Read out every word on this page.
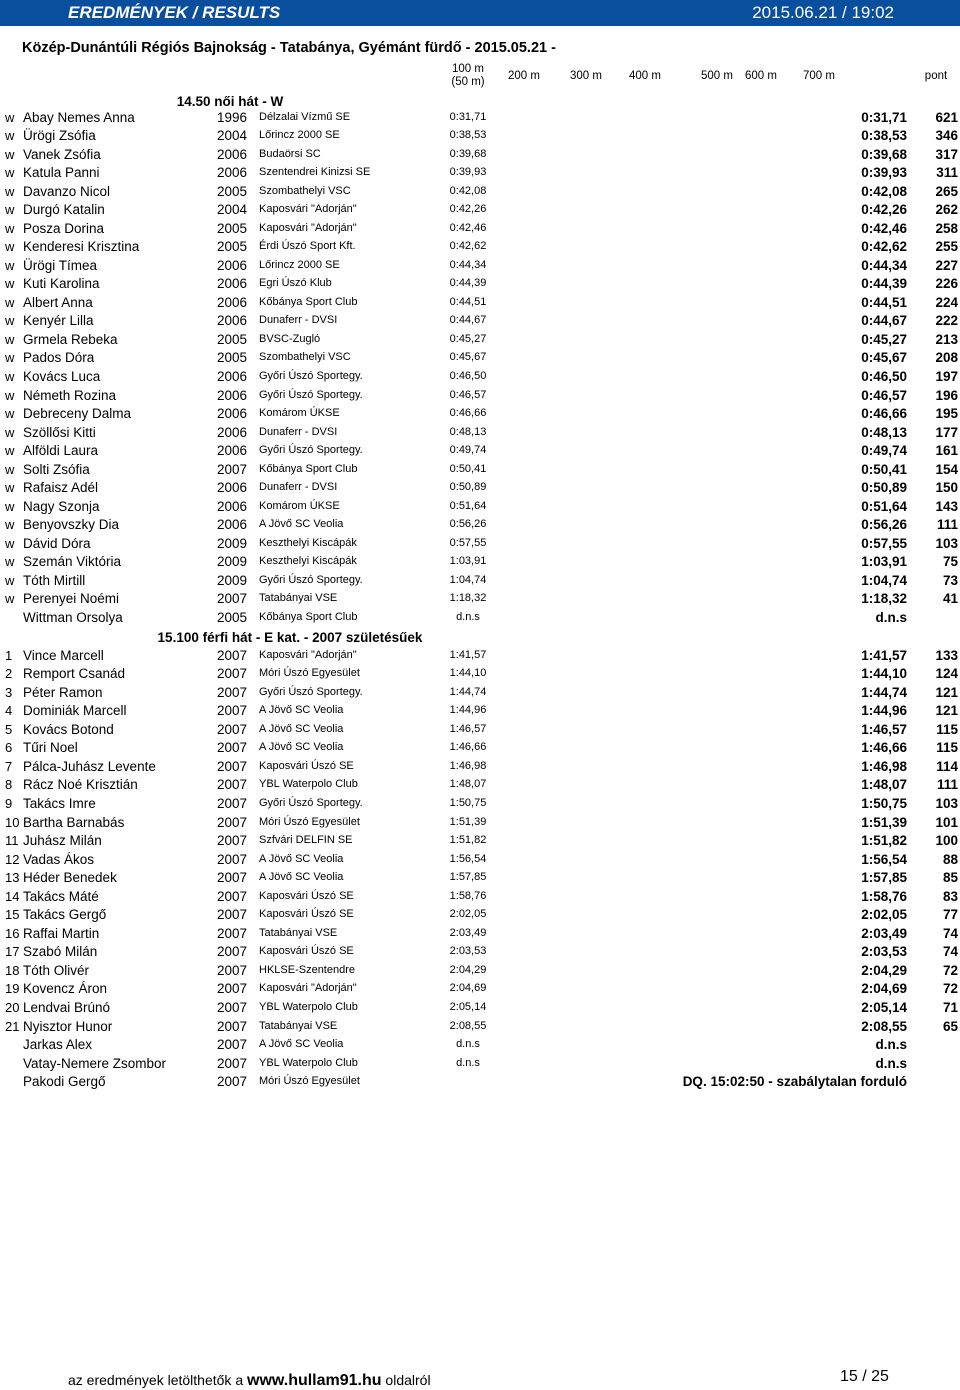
EREDMÉNYEK / RESULTS	2015.06.21 / 19:02
Közép-Dunántúli Régiós Bajnokság - Tatabánya, Gyémánt fürdő - 2015.05.21 -
100 m
(50 m)	200 m	300 m	400 m	500 m	600 m	700 m	pont
14.50 női hát - W
w Abay Nemes Anna	1996 Délzalai Vízmű SE	0:31,71	0:31,71 621
w Ürögi Zsófia	2004 Lőrincz 2000 SE	0:38,53	0:38,53 346
w Vanek Zsófia	2006 Budaörsi SC	0:39,68	0:39,68 317
w Katula Panni	2006 Szentendrei Kinizsi SE	0:39,93	0:39,93 311
w Davanzo Nicol	2005 Szombathelyi VSC	0:42,08	0:42,08 265
w Durgó Katalin	2004 Kaposvári "Adorján"	0:42,26	0:42,26 262
w Posza Dorina	2005 Kaposvári "Adorján"	0:42,46	0:42,46 258
w Kenderesi Krisztina	2005 Érdi Úszó Sport Kft.	0:42,62	0:42,62 255
w Ürögi Tímea	2006 Lőrincz 2000 SE	0:44,34	0:44,34 227
w Kuti Karolina	2006 Egri Úszó Klub	0:44,39	0:44,39 226
w Albert Anna	2006 Kőbánya Sport Club	0:44,51	0:44,51 224
w Kenyér Lilla	2006 Dunaferr - DVSI	0:44,67	0:44,67 222
w Grmela Rebeka	2005 BVSC-Zugló	0:45,27	0:45,27 213
w Pados Dóra	2005 Szombathelyi VSC	0:45,67	0:45,67 208
w Kovács Luca	2006 Győri Úszó Sportegy.	0:46,50	0:46,50 197
w Németh Rozina	2006 Győri Úszó Sportegy.	0:46,57	0:46,57 196
w Debreceny Dalma	2006 Komárom ÚKSE	0:46,66	0:46,66 195
w Szöllősi Kitti	2006 Dunaferr - DVSI	0:48,13	0:48,13 177
w Alföldi Laura	2006 Győri Úszó Sportegy.	0:49,74	0:49,74 161
w Solti Zsófia	2007 Kőbánya Sport Club	0:50,41	0:50,41 154
w Rafaisz Adél	2006 Dunaferr - DVSI	0:50,89	0:50,89 150
w Nagy Szonja	2006 Komárom ÚKSE	0:51,64	0:51,64 143
w Benyovszky Dia	2006 A Jövő SC Veolia	0:56,26	0:56,26 111
w Dávid Dóra	2009 Keszthelyi Kiscápák	0:57,55	0:57,55 103
w Szemán Viktória	2009 Keszthelyi Kiscápák	1:03,91	1:03,91	75
w Tóth Mirtill	2009 Győri Úszó Sportegy.	1:04,74	1:04,74	73
w Perenyei Noémi	2007 Tatabányai VSE	1:18,32	1:18,32	41
Wittman Orsolya	2005 Kőbánya Sport Club	d.n.s	d.n.s
15.100 férfi hát - E kat. - 2007 születésűek
1 Vince Marcell	2007 Kaposvári "Adorján"	1:41,57	1:41,57 133
2 Remport Csanád	2007 Móri Úszó Egyesület	1:44,10	1:44,10 124
3 Péter Ramon	2007 Győri Úszó Sportegy.	1:44,74	1:44,74 121
4 Dominiák Marcell	2007 A Jövő SC Veolia	1:44,96	1:44,96 121
5 Kovács Botond	2007 A Jövő SC Veolia	1:46,57	1:46,57 115
6 Tűri Noel	2007 A Jövő SC Veolia	1:46,66	1:46,66 115
7 Pálca-Juhász Levente	2007 Kaposvári Úszó SE	1:46,98	1:46,98 114
8 Rácz Noé Krisztián	2007 YBL Waterpolo Club	1:48,07	1:48,07 111
9 Takács Imre	2007 Győri Úszó Sportegy.	1:50,75	1:50,75 103
10 Bartha Barnabás	2007 Móri Úszó Egyesület	1:51,39	1:51,39 101
11 Juhász Milán	2007 Szfvári DELFIN SE	1:51,82	1:51,82 100
12 Vadas Ákos	2007 A Jövő SC Veolia	1:56,54	1:56,54	88
13 Héder Benedek	2007 A Jövő SC Veolia	1:57,85	1:57,85	85
14 Takács Máté	2007 Kaposvári Úszó SE	1:58,76	1:58,76	83
15 Takács Gergő	2007 Kaposvári Úszó SE	2:02,05	2:02,05	77
16 Raffai Martin	2007 Tatabányai VSE	2:03,49	2:03,49	74
17 Szabó Milán	2007 Kaposvári Úszó SE	2:03,53	2:03,53	74
18 Tóth Olivér	2007 HKLSE-Szentendre	2:04,29	2:04,29	72
19 Kovencz Áron	2007 Kaposvári "Adorján"	2:04,69	2:04,69	72
20 Lendvai Brúnó	2007 YBL Waterpolo Club	2:05,14	2:05,14	71
21 Nyisztor Hunor	2007 Tatabányai VSE	2:08,55	2:08,55	65
Jarkas Alex	2007 A Jövő SC Veolia	d.n.s	d.n.s
Vatay-Nemere Zsombor	2007 YBL Waterpolo Club	d.n.s	d.n.s
Pakodi Gergő	2007 Móri Úszó Egyesület	DQ. 15:02:50 - szabálytalan forduló
az eredmények letölthetők a www.hullam91.hu oldalról	15 / 25
